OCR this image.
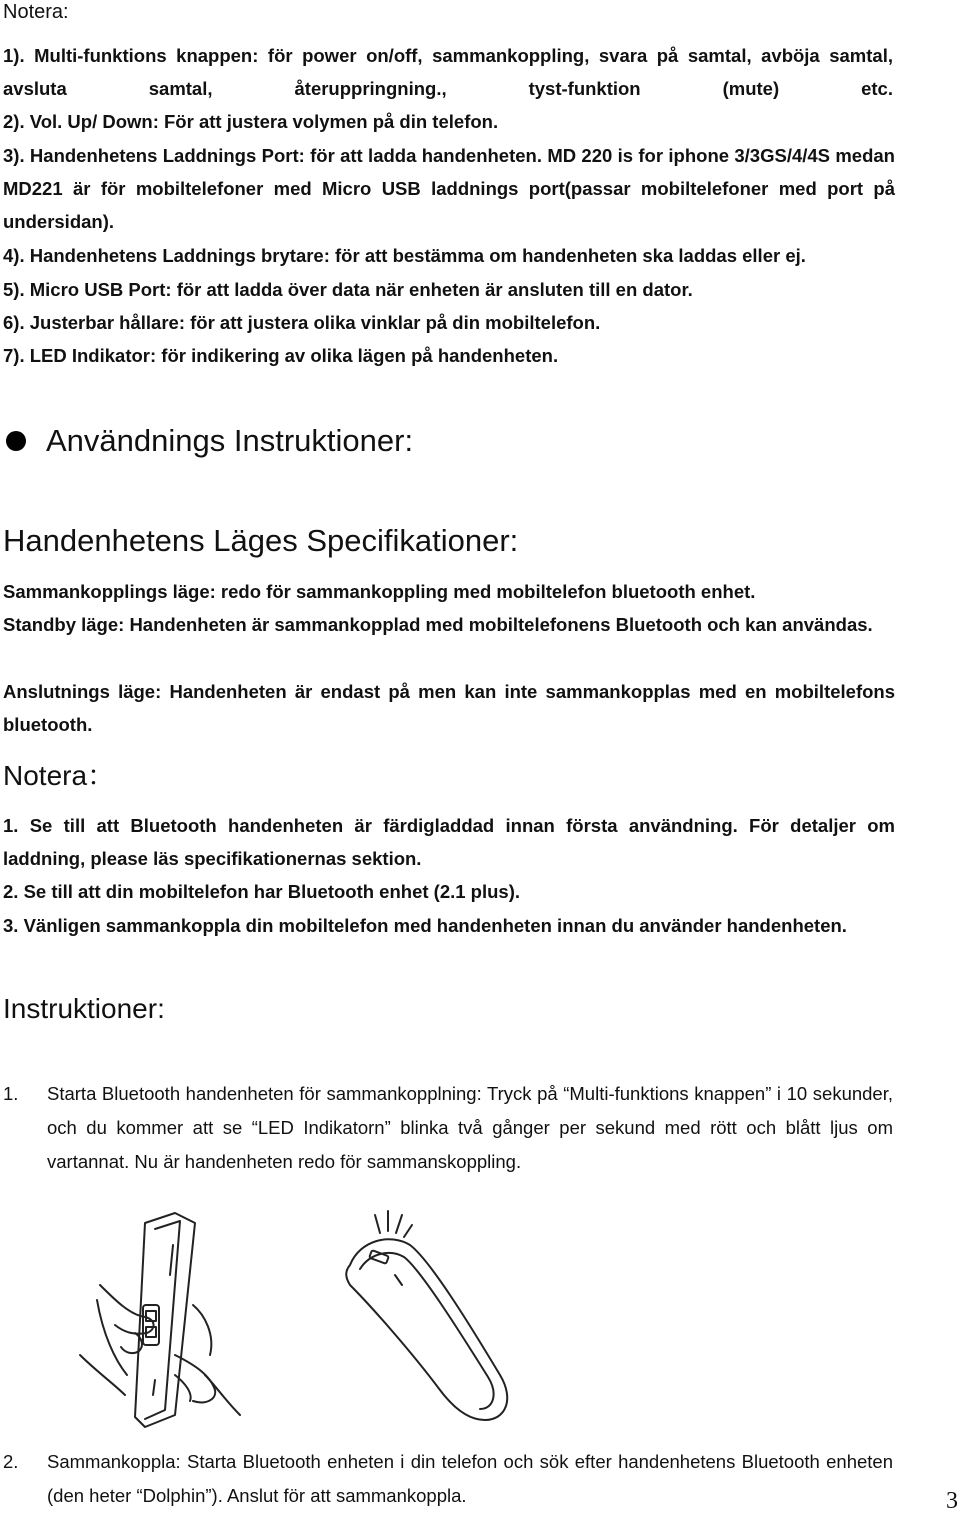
Notera:

1). Multi-funktions knappen: för power on/off, sammankoppling, svara på samtal, avböja samtal, avsluta samtal, återuppringning., tyst-funktion (mute) etc.

2). Vol. Up/ Down: För att justera volymen på din telefon.

3). Handenhetens Laddnings Port: för att ladda handenheten. MD 220 is for iphone 3/3GS/4/4S medan MD221 är för mobiltelefoner med Micro USB laddnings port(passar mobiltelefoner med port på undersidan).

4). Handenhetens Laddnings brytare: för att bestämma om handenheten ska laddas eller ej.

5). Micro USB Port: för att ladda över data när enheten är ansluten till en dator.

6). Justerbar hållare: för att justera olika vinklar på din mobiltelefon.

7). LED Indikator: för indikering av olika lägen på handenheten.

Användnings Instruktioner:
Handenhetens Läges Specifikationer:

Sammankopplings läge: redo för sammankoppling med mobiltelefon bluetooth enhet.

Standby läge: Handenheten är sammankopplad med mobiltelefonens Bluetooth och kan användas.

Anslutnings läge: Handenheten är endast på men kan inte sammankopplas med en mobiltelefons bluetooth.

Notera：

1. Se till att Bluetooth handenheten är färdigladdad innan första användning. För detaljer om laddning, please läs specifikationernas sektion.

2. Se till att din mobiltelefon har Bluetooth enhet (2.1 plus).

3. Vänligen sammankoppla din mobiltelefon med handenheten innan du använder handenheten.

Instruktioner:
1. Starta Bluetooth handenheten för sammankopplning: Tryck på “Multi-funktions knappen” i 10 sekunder, och du kommer att se “LED Indikatorn” blinka två gånger per sekund med rött och blått ljus om vartannat. Nu är handenheten redo för sammanskoppling.

2. Sammankoppla: Starta Bluetooth enheten i din telefon och sök efter handenhetens Bluetooth enheten (den heter “Dolphin”). Anslut för att sammankoppla.	3
